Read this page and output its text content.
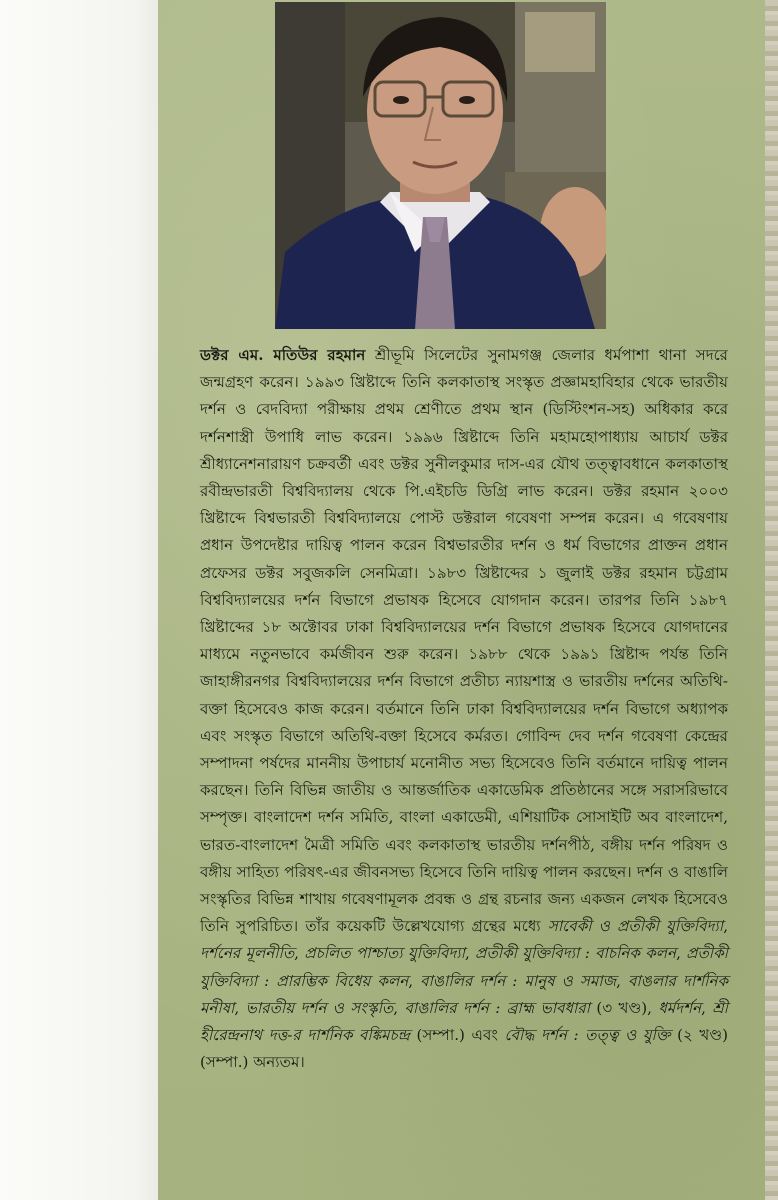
ডক্টর এম. মতিউর রহমান শ্রীভূমি সিলেটের সুনামগঞ্জ জেলার ধর্মপাশা থানা সদরে জন্মগ্রহণ করেন। ১৯৯৩ খ্রিষ্টাব্দে তিনি কলকাতাস্থ সংস্কৃত প্রজ্ঞামহাবিহার থেকে ভারতীয় দর্শন ও বেদবিদ্যা পরীক্ষায় প্রথম শ্রেণীতে প্রথম স্থান (ডিস্টিংশন-সহ) অধিকার করে দর্শনশাস্ত্রী উপাধি লাভ করেন। ১৯৯৬ খ্রিষ্টাব্দে তিনি মহামহোপাধ্যায় আচার্য ডক্টর শ্রীধ্যানেশনারায়ণ চক্রবর্তী এবং ডক্টর সুনীলকুমার দাস-এর যৌথ তত্ত্বাবধানে কলকাতাস্থ রবীন্দ্রভারতী বিশ্ববিদ্যালয় থেকে পি.এইচডি ডিগ্রি লাভ করেন। ডক্টর রহমান ২০০৩ খ্রিষ্টাব্দে বিশ্বভারতী বিশ্ববিদ্যালয়ে পোস্ট ডক্টরাল গবেষণা সম্পন্ন করেন। এ গবেষণায় প্রধান উপদেষ্টার দায়িত্ব পালন করেন বিশ্বভারতীর দর্শন ও ধর্ম বিভাগের প্রাক্তন প্রধান প্রফেসর ডক্টর সবুজকলি সেনমিত্রা। ১৯৮৩ খ্রিষ্টাব্দের ১ জুলাই ডক্টর রহমান চট্টগ্রাম বিশ্ববিদ্যালয়ের দর্শন বিভাগে প্রভাষক হিসেবে যোগদান করেন। তারপর তিনি ১৯৮৭ খ্রিষ্টাব্দের ১৮ অক্টোবর ঢাকা বিশ্ববিদ্যালয়ের দর্শন বিভাগে প্রভাষক হিসেবে যোগদানের মাধ্যমে নতুনভাবে কর্মজীবন শুরু করেন। ১৯৮৮ থেকে ১৯৯১ খ্রিষ্টাব্দ পর্যন্ত তিনি জাহাঙ্গীরনগর বিশ্ববিদ্যালয়ের দর্শন বিভাগে প্রতীচ্য ন্যায়শাস্ত্র ও ভারতীয় দর্শনের অতিথি-বক্তা হিসেবেও কাজ করেন। বর্তমানে তিনি ঢাকা বিশ্ববিদ্যালয়ের দর্শন বিভাগে অধ্যাপক এবং সংস্কৃত বিভাগে অতিথি-বক্তা হিসেবে কর্মরত। গোবিন্দ দেব দর্শন গবেষণা কেন্দ্রের সম্পাদনা পর্ষদের মাননীয় উপাচার্য মনোনীত সভ্য হিসেবেও তিনি বর্তমানে দায়িত্ব পালন করছেন। তিনি বিভিন্ন জাতীয় ও আন্তর্জাতিক একাডেমিক প্রতিষ্ঠানের সঙ্গে সরাসরিভাবে সম্পৃক্ত। বাংলাদেশ দর্শন সমিতি, বাংলা একাডেমী, এশিয়াটিক সোসাইটি অব বাংলাদেশ, ভারত-বাংলাদেশ মৈত্রী সমিতি এবং কলকাতাস্থ ভারতীয় দর্শনপীঠ, বঙ্গীয় দর্শন পরিষদ ও বঙ্গীয় সাহিত্য পরিষৎ-এর জীবনসভ্য হিসেবে তিনি দায়িত্ব পালন করছেন। দর্শন ও বাঙালি সংস্কৃতির বিভিন্ন শাখায় গবেষণামূলক প্রবন্ধ ও গ্রন্থ রচনার জন্য একজন লেখক হিসেবেও তিনি সুপরিচিত। তাঁর কয়েকটি উল্লেখযোগ্য গ্রন্থের মধ্যে সাবেকী ও প্রতীকী যুক্তিবিদ্যা, দর্শনের মূলনীতি, প্রচলিত পাশ্চাত্য যুক্তিবিদ্যা, প্রতীকী যুক্তিবিদ্যা : বাচনিক কলন, প্রতীকী যুক্তিবিদ্যা : প্রারম্ভিক বিধেয় কলন, বাঙালির দর্শন : মানুষ ও সমাজ, বাঙলার দার্শনিক মনীষা, ভারতীয় দর্শন ও সংস্কৃতি, বাঙালির দর্শন : ব্রাহ্ম ভাবধারা (৩ খণ্ড), ধর্মদর্শন, শ্রী হীরেন্দ্রনাথ দত্ত-র দার্শনিক বঙ্কিমচন্দ্র (সম্পা.) এবং বৌদ্ধ দর্শন : তত্ত্ব ও যুক্তি (২ খণ্ড) (সম্পা.) অন্যতম।
